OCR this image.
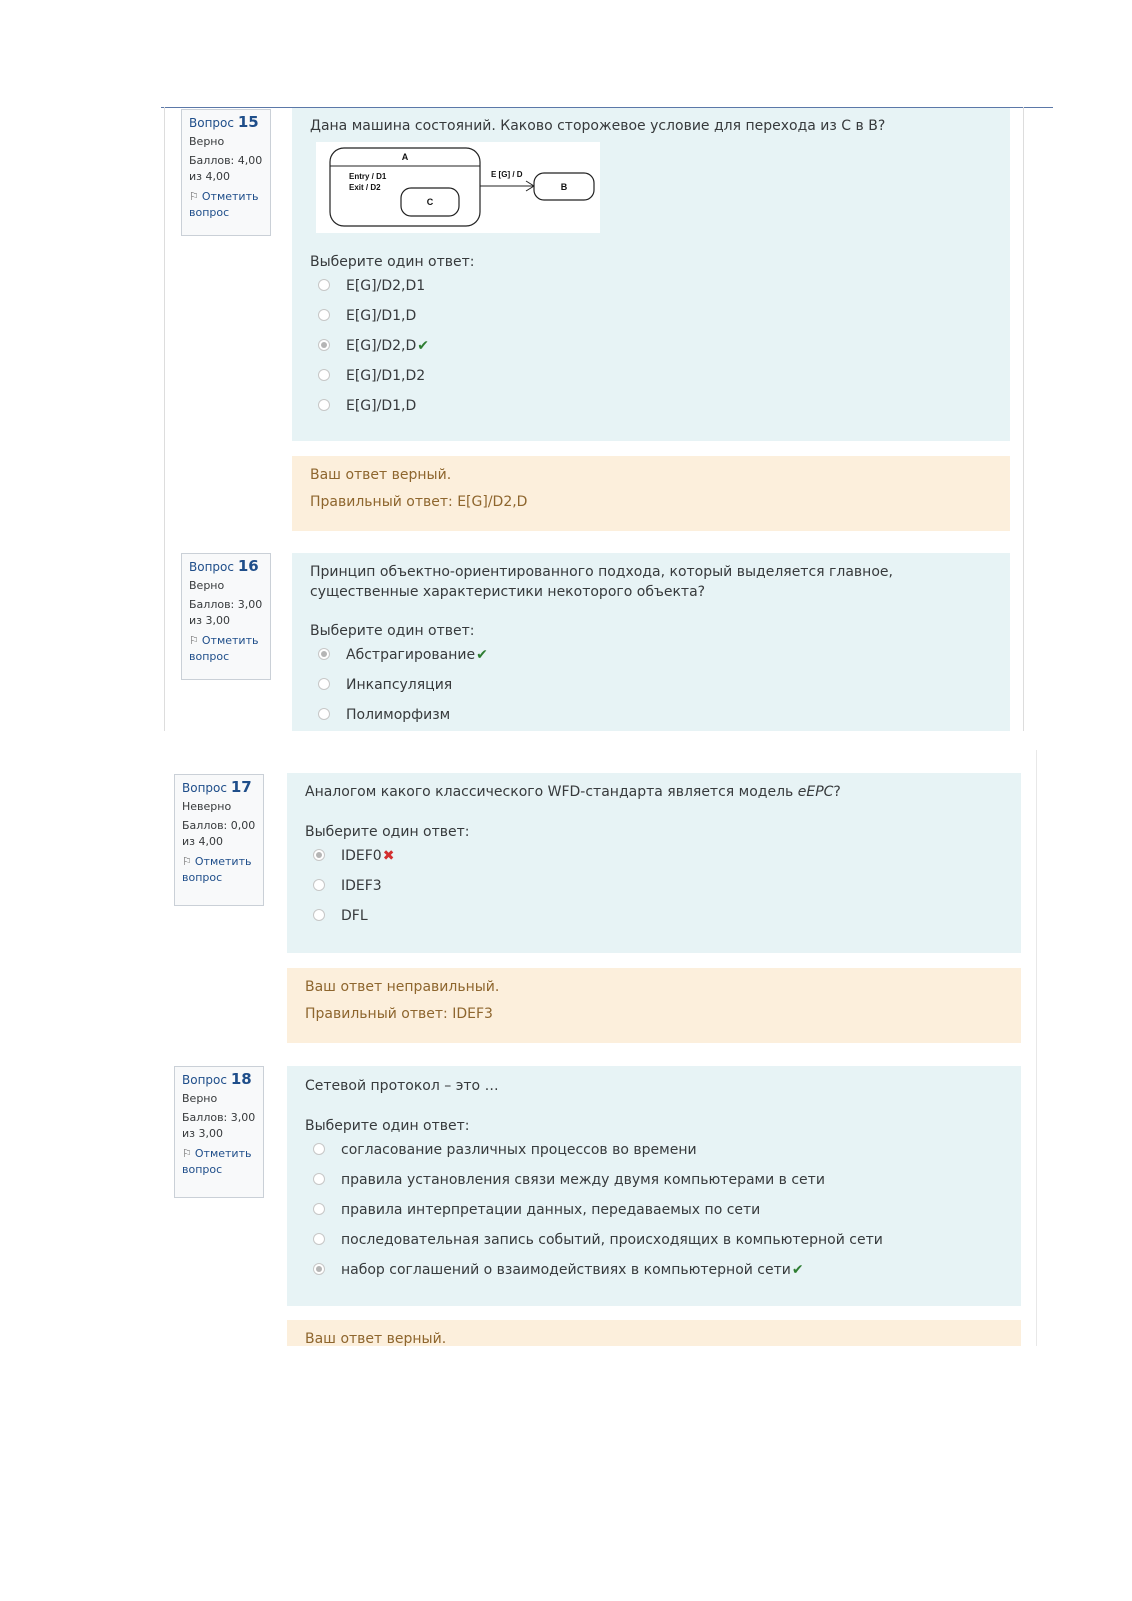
Вопрос 15
Верно
Баллов: 4,00 из 4,00
⚐ Отметить вопрос
Дана машина состояний. Каково сторожевое условие для перехода из С в В?
A
Entry / D1
Exit / D2
C
E [G] / D
B
Выберите один ответ:
E[G]/D2,D1
E[G]/D1,D
E[G]/D2,D✔
E[G]/D1,D2
E[G]/D1,D
Ваш ответ верный.
Правильный ответ: E[G]/D2,D
Вопрос 16
Верно
Баллов: 3,00 из 3,00
⚐ Отметить вопрос
Принцип объектно-ориентированного подхода, который выделяется главное, существенные характеристики некоторого объекта?
Выберите один ответ:
Абстрагирование✔
Инкапсуляция
Полиморфизм
Вопрос 17
Неверно
Баллов: 0,00 из 4,00
⚐ Отметить вопрос
Аналогом какого классического WFD-стандарта является модель eEPC?
Выберите один ответ:
IDEF0✖
IDEF3
DFL
Ваш ответ неправильный.
Правильный ответ: IDEF3
Вопрос 18
Верно
Баллов: 3,00 из 3,00
⚐ Отметить вопрос
Сетевой протокол – это …
Выберите один ответ:
согласование различных процессов во времени
правила установления связи между двумя компьютерами в сети
правила интерпретации данных, передаваемых по сети
последовательная запись событий, происходящих в компьютерной сети
набор соглашений о взаимодействиях в компьютерной сети✔
Ваш ответ верный.
